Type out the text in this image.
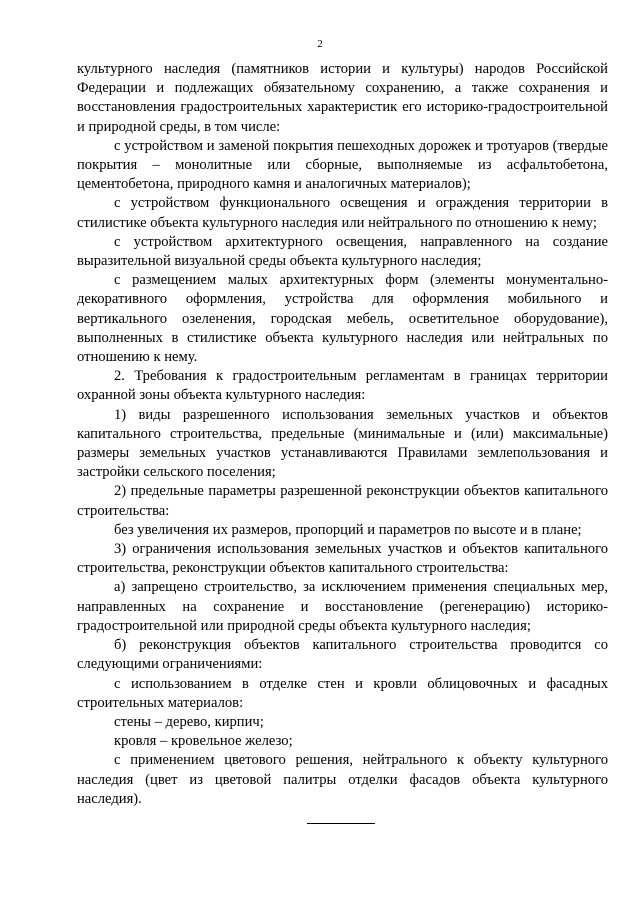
2

культурного наследия (памятников истории и культуры) народов Российской Федерации и подлежащих обязательному сохранению, а также сохранения и восстановления градостроительных характеристик его историко-градостроительной и природной среды, в том числе:

с устройством и заменой покрытия пешеходных дорожек и тротуаров (твердые покрытия – монолитные или сборные, выполняемые из асфальтобетона, цементобетона, природного камня и аналогичных материалов);

с устройством функционального освещения и ограждения территории в стилистике объекта культурного наследия или нейтрального по отношению к нему;

с устройством архитектурного освещения, направленного на создание выразительной визуальной среды объекта культурного наследия;

с размещением малых архитектурных форм (элементы монументально-декоративного оформления, устройства для оформления мобильного и вертикального озеленения, городская мебель, осветительное оборудование), выполненных в стилистике объекта культурного наследия или нейтральных по отношению к нему.

2. Требования к градостроительным регламентам в границах территории охранной зоны объекта культурного наследия:

1) виды разрешенного использования земельных участков и объектов капитального строительства, предельные (минимальные и (или) максимальные) размеры земельных участков устанавливаются Правилами землепользования и застройки сельского поселения;

2) предельные параметры разрешенной реконструкции объектов капитального строительства:

без увеличения их размеров, пропорций и параметров по высоте и в плане;

3) ограничения использования земельных участков и объектов капитального строительства, реконструкции объектов капитального строительства:

а) запрещено строительство, за исключением применения специальных мер, направленных на сохранение и восстановление (регенерацию) историко-градостроительной или природной среды объекта культурного наследия;

б) реконструкция объектов капитального строительства проводится со следующими ограничениями:

с использованием в отделке стен и кровли облицовочных и фасадных строительных материалов:

стены – дерево, кирпич;

кровля – кровельное железо;

с применением цветового решения, нейтрального к объекту культурного наследия (цвет из цветовой палитры отделки фасадов объекта культурного наследия).
